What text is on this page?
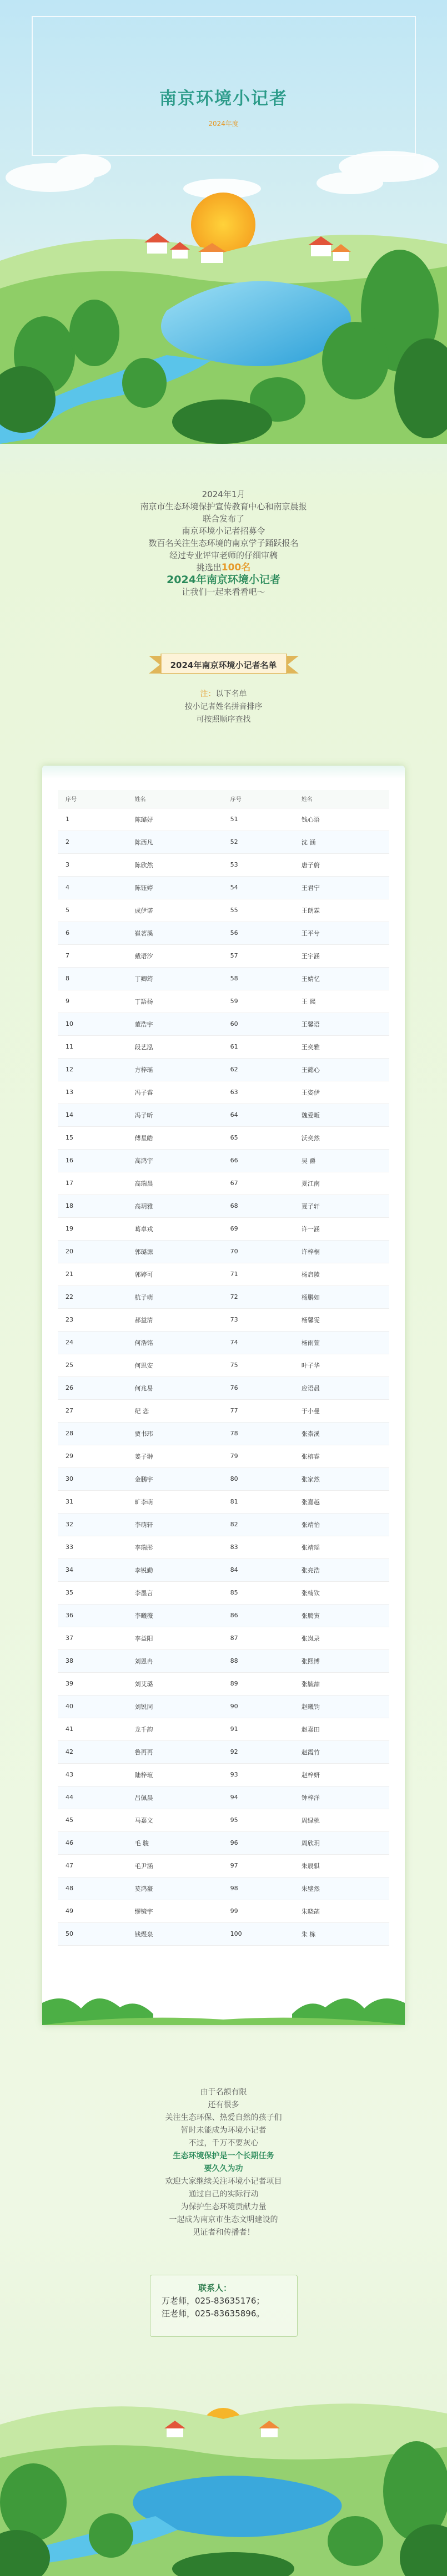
南京环境小记者
2024年度
2024年1月
南京市生态环境保护宣传教育中心和南京晨报
联合发布了
南京环境小记者招募令
数百名关注生态环境的南京学子踊跃报名
经过专业评审老师的仔细审稿
挑选出100名
2024年南京环境小记者
让我们一起来看看吧～
2024年南京环境小记者名单
注：以下名单
按小记者姓名拼音排序
可按照顺序查找
序号	姓名	序号	姓名
1	陈璐妤	51	钱心语
2	陈西凡	52	沈 涵
3	陈欣然	53	唐子蔚
4	陈钰婷	54	王君宁
5	成伊诺	55	王朗霖
6	崔茗溪	56	王平兮
7	戴语汐	57	王宇涵
8	丁卿筠	58	王婧忆
9	丁語扬	59	王 熙
10	董浩宇	60	王馨语
11	段艺泓	61	王奕雅
12	方梓瑶	62	王懿心
13	冯子睿	63	王姿伊
14	冯子昕	64	魏爱畈
15	傅星皓	65	沃奕然
16	高鸿宇	66	吴 爵
17	高瑞晨	67	夏江南
18	高玥雅	68	夏子轩
19	葛卓戎	69	许一涵
20	郭璐源	70	许梓桐
21	郭婷可	71	杨启陵
22	杭子萌	72	杨鹏如
23	郝益清	73	杨馨雯
24	何浩铭	74	杨雨萱
25	何思安	75	叶子华
26	何兆易	76	应语晨
27	纪 恋	77	于小曼
28	贾书玮	78	张柰溪
29	姜子翀	79	张榕睿
30	金鹏宇	80	张家然
31	旷李萌	81	张嘉越
32	李萌轩	82	张靖怡
33	李瑞彤	83	张靖瑶
34	李锐勤	84	张亮浩
35	李墨言	85	张楠钦
36	李曦薇	86	张腾寅
37	李益阳	87	张岚录
38	刘恩冉	88	张熙博
39	刘艾璐	89	张毓喆
40	刘锐同	90	赵曦钧
41	龙千韵	91	赵嘉田
42	鲁再再	92	赵霞竹
43	陆梓瑄	93	赵梓妍
44	吕佩晨	94	钟梓洋
45	马嘉文	95	周绿桃
46	毛 骏	96	周欣玥
47	毛尹涵	97	朱辰骐
48	莫鸿豪	98	朱璧然
49	缪镜宇	99	朱晓菡
50	钱煜泉	100	朱 栋
由于名额有限
还有很多
关注生态环保、热爱自然的孩子们
暂时未能成为环境小记者
不过，千万不要灰心
生态环境保护是一个长期任务
要久久为功
欢迎大家继续关注环境小记者项目
通过自己的实际行动
为保护生态环境贡献力量
一起成为南京市生态文明建设的
见证者和传播者！
联系人：
万老师，025-83635176；
汪老师，025-83635896。
